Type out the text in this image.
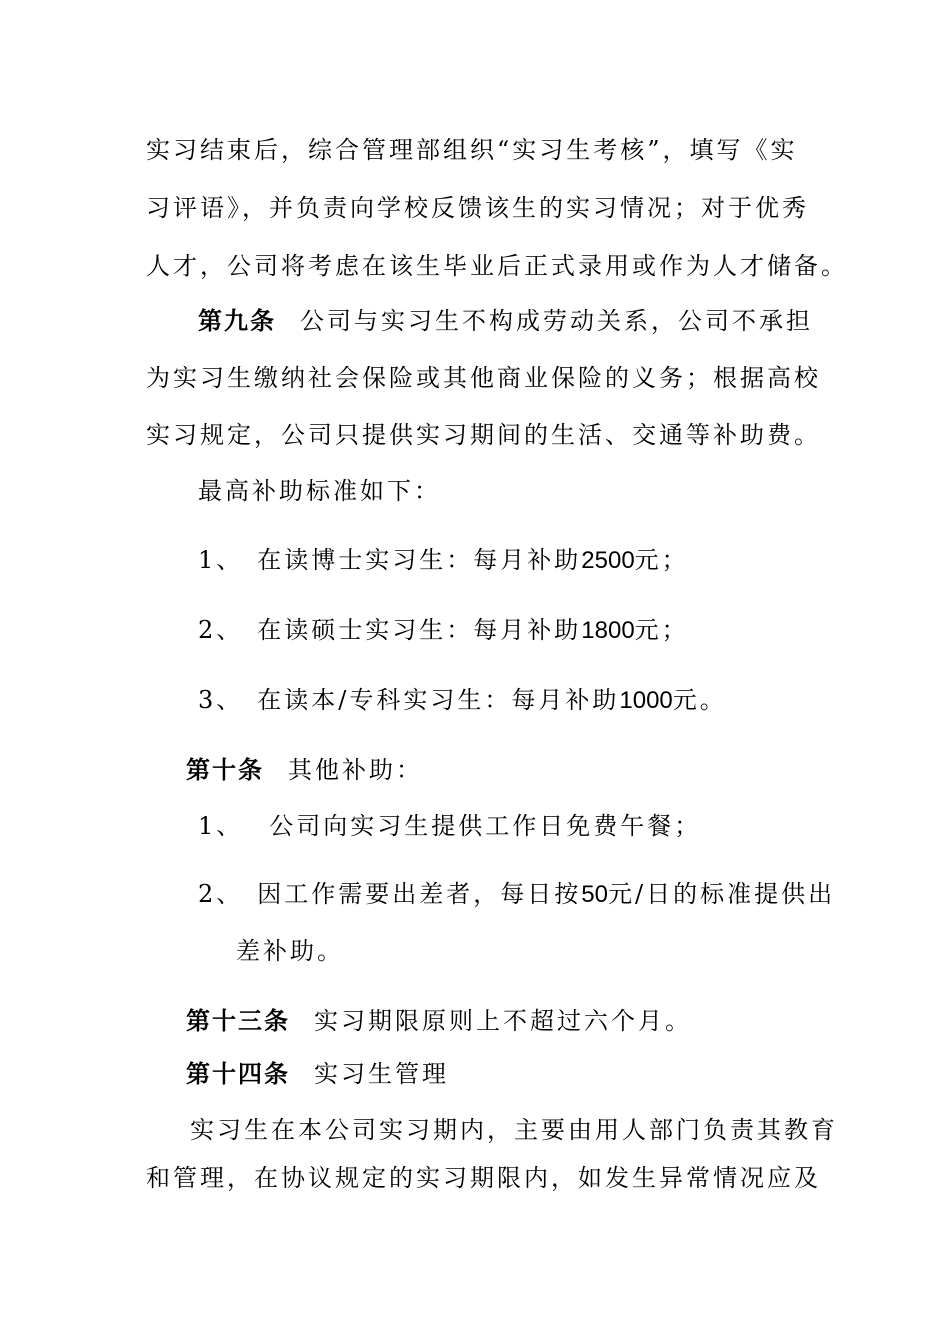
实习结束后，综合管理部组织“实习生考核”，填写《实
习评语》，并负责向学校反馈该生的实习情况；对于优秀
人才，公司将考虑在该生毕业后正式录用或作为人才储备。
第九条 公司与实习生不构成劳动关系，公司不承担
为实习生缴纳社会保险或其他商业保险的义务；根据高校
实习规定，公司只提供实习期间的生活、交通等补助费。
最高补助标准如下：
1、 在读博士实习生：每月补助2500元；
2、 在读硕士实习生：每月补助1800元；
3、 在读本/专科实习生：每月补助1000元。
第十条 其他补助：
1、 公司向实习生提供工作日免费午餐；
2、 因工作需要出差者，每日按50元/日的标准提供出
差补助。
第十三条 实习期限原则上不超过六个月。
第十四条 实习生管理
实习生在本公司实习期内，主要由用人部门负责其教育
和管理，在协议规定的实习期限内，如发生异常情况应及
